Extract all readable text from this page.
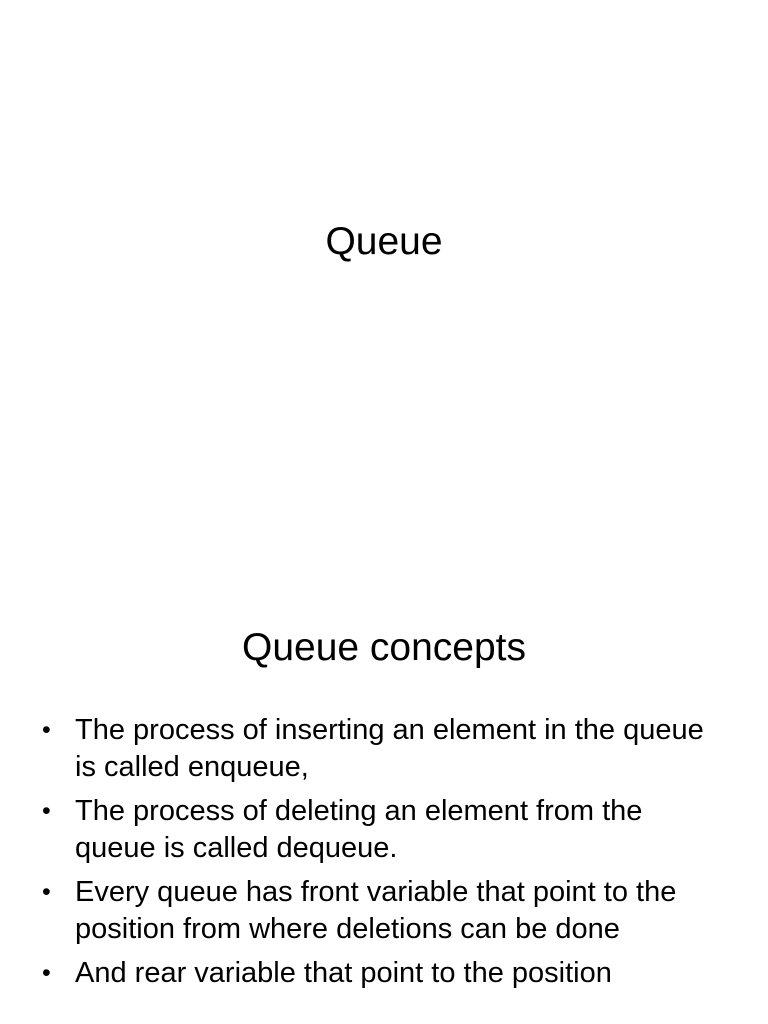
Queue
Queue concepts
• The process of inserting an element in the queue is called enqueue,
• The process of deleting an element from the queue is called dequeue.
• Every queue has front variable that point to the position from where deletions can be done
• And rear variable that point to the position
